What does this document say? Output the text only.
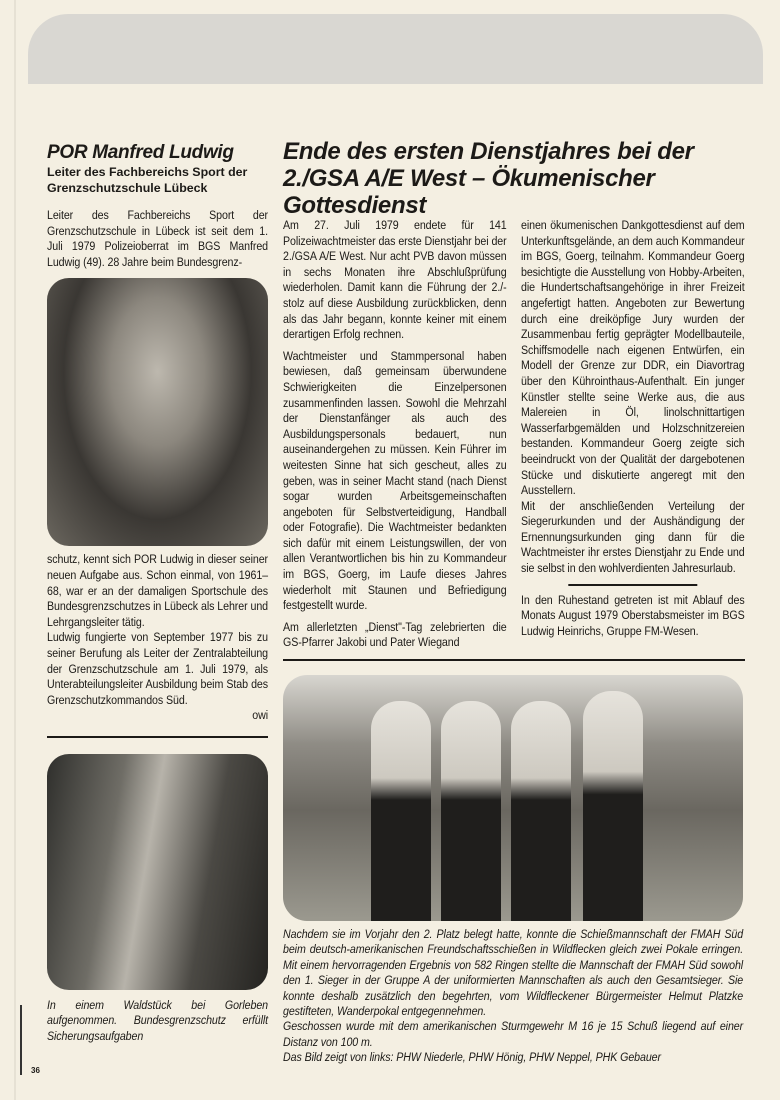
POR Manfred Ludwig
Leiter des Fachbereichs Sport der Grenzschutzschule Lübeck

Leiter des Fachbereichs Sport der Grenzschutzschule in Lübeck ist seit dem 1. Juli 1979 Polizeioberrat im BGS Manfred Ludwig (49). 28 Jahre beim Bundesgrenz-

schutz, kennt sich POR Ludwig in dieser seiner neuen Aufgabe aus. Schon einmal, von 1961–68, war er an der damaligen Sportschule des Bundesgrenzschutzes in Lübeck als Lehrer und Lehrgangsleiter tätig.

Ludwig fungierte von September 1977 bis zu seiner Berufung als Leiter der Zentralabteilung der Grenzschutzschule am 1. Juli 1979, als Unterabteilungsleiter Ausbildung beim Stab des Grenzschutzkommandos Süd.

owi
In einem Waldstück bei Gorleben aufgenommen. Bundesgrenzschutz erfüllt Sicherungsaufgaben
36
Ende des ersten Dienstjahres bei der 2./GSA A/E West – Ökumenischer Gottesdienst

Am 27. Juli 1979 endete für 141 Polizeiwachtmeister das erste Dienstjahr bei der 2./GSA A/E West. Nur acht PVB davon müssen in sechs Monaten ihre Abschlußprüfung wiederholen. Damit kann die Führung der 2./- stolz auf diese Ausbildung zurückblicken, denn als das Jahr begann, konnte keiner mit einem derartigen Erfolg rechnen.

Wachtmeister und Stammpersonal haben bewiesen, daß gemeinsam überwundene Schwierigkeiten die Einzelpersonen zusammenfinden lassen. Sowohl die Mehrzahl der Dienstanfänger als auch des Ausbildungspersonals bedauert, nun auseinandergehen zu müssen. Kein Führer im weitesten Sinne hat sich gescheut, alles zu geben, was in seiner Macht stand (nach Dienst sogar wurden Arbeitsgemeinschaften angeboten für Selbstverteidigung, Handball oder Fotografie). Die Wachtmeister bedankten sich dafür mit einem Leistungswillen, der von allen Verantwortlichen bis hin zu Kommandeur im BGS, Goerg, im Laufe dieses Jahres wiederholt mit Staunen und Befriedigung festgestellt wurde.

Am allerletzten „Dienst"-Tag zelebrierten die GS-Pfarrer Jakobi und Pater Wiegand

einen ökumenischen Dankgottesdienst auf dem Unterkunftsgelände, an dem auch Kommandeur im BGS, Goerg, teilnahm. Kommandeur Goerg besichtigte die Ausstellung von Hobby-Arbeiten, die Hundertschaftsangehörige in ihrer Freizeit angefertigt hatten. Angeboten zur Bewertung durch eine dreiköpfige Jury wurden der Zusammenbau fertig geprägter Modellbauteile, Schiffsmodelle nach eigenen Entwürfen, ein Modell der Grenze zur DDR, ein Diavortrag über den Kührointhaus-Aufenthalt. Ein junger Künstler stellte seine Werke aus, die aus Malereien in Öl, linolschnittartigen Wasserfarbgemälden und Holzschnitzereien bestanden. Kommandeur Goerg zeigte sich beeindruckt von der Qualität der dargebotenen Stücke und diskutierte angeregt mit den Ausstellern.

Mit der anschließenden Verteilung der Siegerurkunden und der Aushändigung der Ernennungsurkunden ging dann für die Wachtmeister ihr erstes Dienstjahr zu Ende und sie selbst in den wohlverdienten Jahresurlaub.

In den Ruhestand getreten ist mit Ablauf des Monats August 1979 Oberstabsmeister im BGS Ludwig Heinrichs, Gruppe FM-Wesen.

Nachdem sie im Vorjahr den 2. Platz belegt hatte, konnte die Schießmannschaft der FMAH Süd beim deutsch-amerikanischen Freundschaftsschießen in Wildflecken gleich zwei Pokale erringen. Mit einem hervorragenden Ergebnis von 582 Ringen stellte die Mannschaft der FMAH Süd sowohl den 1. Sieger in der Gruppe A der uniformierten Mannschaften als auch den Gesamtsieger. Sie konnte deshalb zusätzlich den begehrten, vom Wildfleckener Bürgermeister Helmut Platzke gestifteten, Wanderpokal entgegennehmen.
Geschossen wurde mit dem amerikanischen Sturmgewehr M 16 je 15 Schuß liegend auf einer Distanz von 100 m.
Das Bild zeigt von links: PHW Niederle, PHW Hönig, PHW Neppel, PHK Gebauer
